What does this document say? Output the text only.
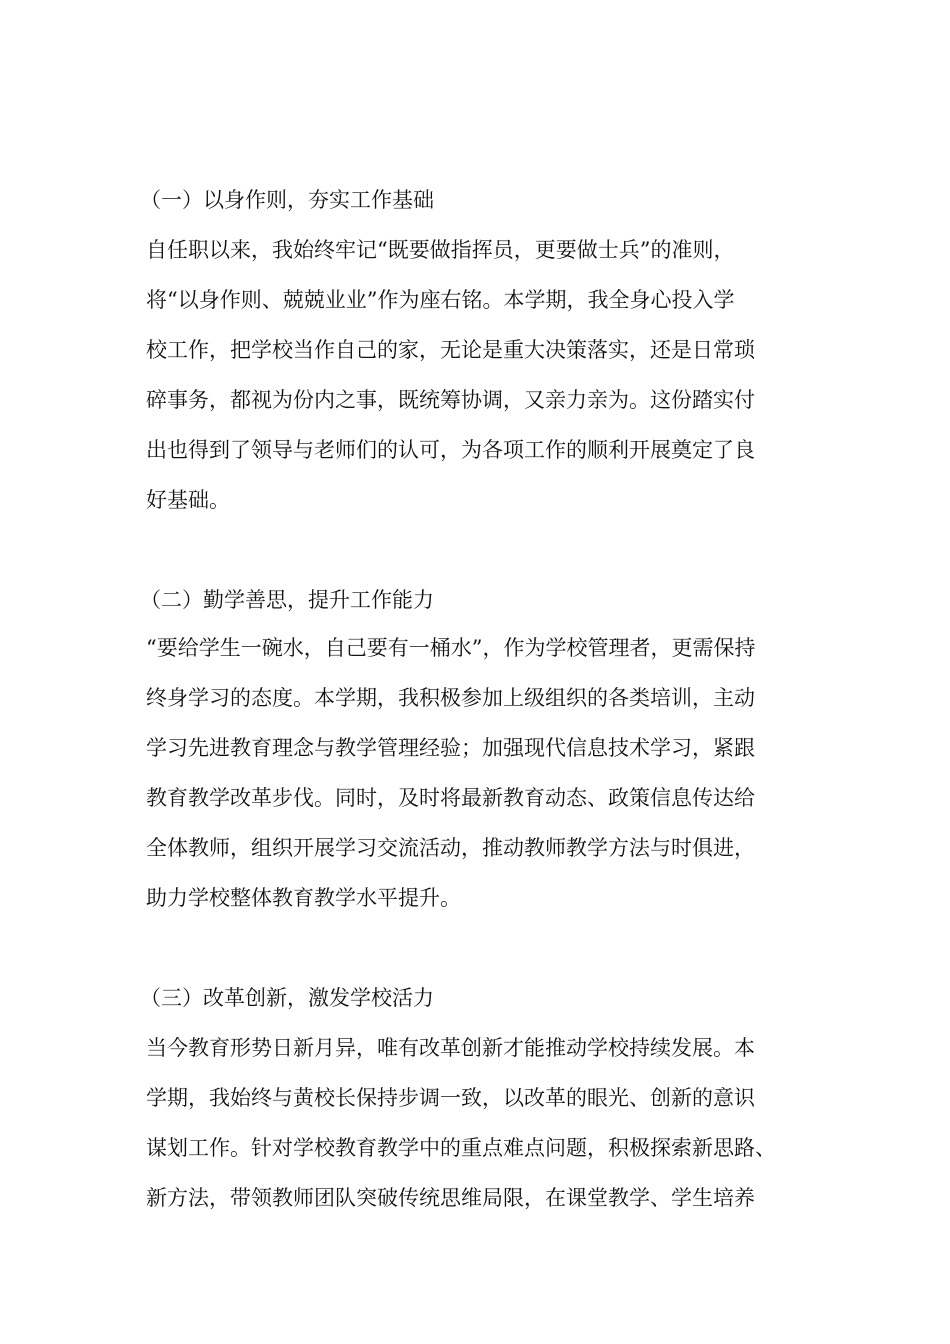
（一）以身作则，夯实工作基础
自任职以来，我始终牢记“既要做指挥员，更要做士兵”的准则，
将“以身作则、兢兢业业”作为座右铭。本学期，我全身心投入学
校工作，把学校当作自己的家，无论是重大决策落实，还是日常琐
碎事务，都视为份内之事，既统筹协调，又亲力亲为。这份踏实付
出也得到了领导与老师们的认可，为各项工作的顺利开展奠定了良
好基础。
（二）勤学善思，提升工作能力
“要给学生一碗水，自己要有一桶水”，作为学校管理者，更需保持
终身学习的态度。本学期，我积极参加上级组织的各类培训，主动
学习先进教育理念与教学管理经验；加强现代信息技术学习，紧跟
教育教学改革步伐。同时，及时将最新教育动态、政策信息传达给
全体教师，组织开展学习交流活动，推动教师教学方法与时俱进，
助力学校整体教育教学水平提升。
（三）改革创新，激发学校活力
当今教育形势日新月异，唯有改革创新才能推动学校持续发展。本
学期，我始终与黄校长保持步调一致，以改革的眼光、创新的意识
谋划工作。针对学校教育教学中的重点难点问题，积极探索新思路、
新方法，带领教师团队突破传统思维局限，在课堂教学、学生培养
